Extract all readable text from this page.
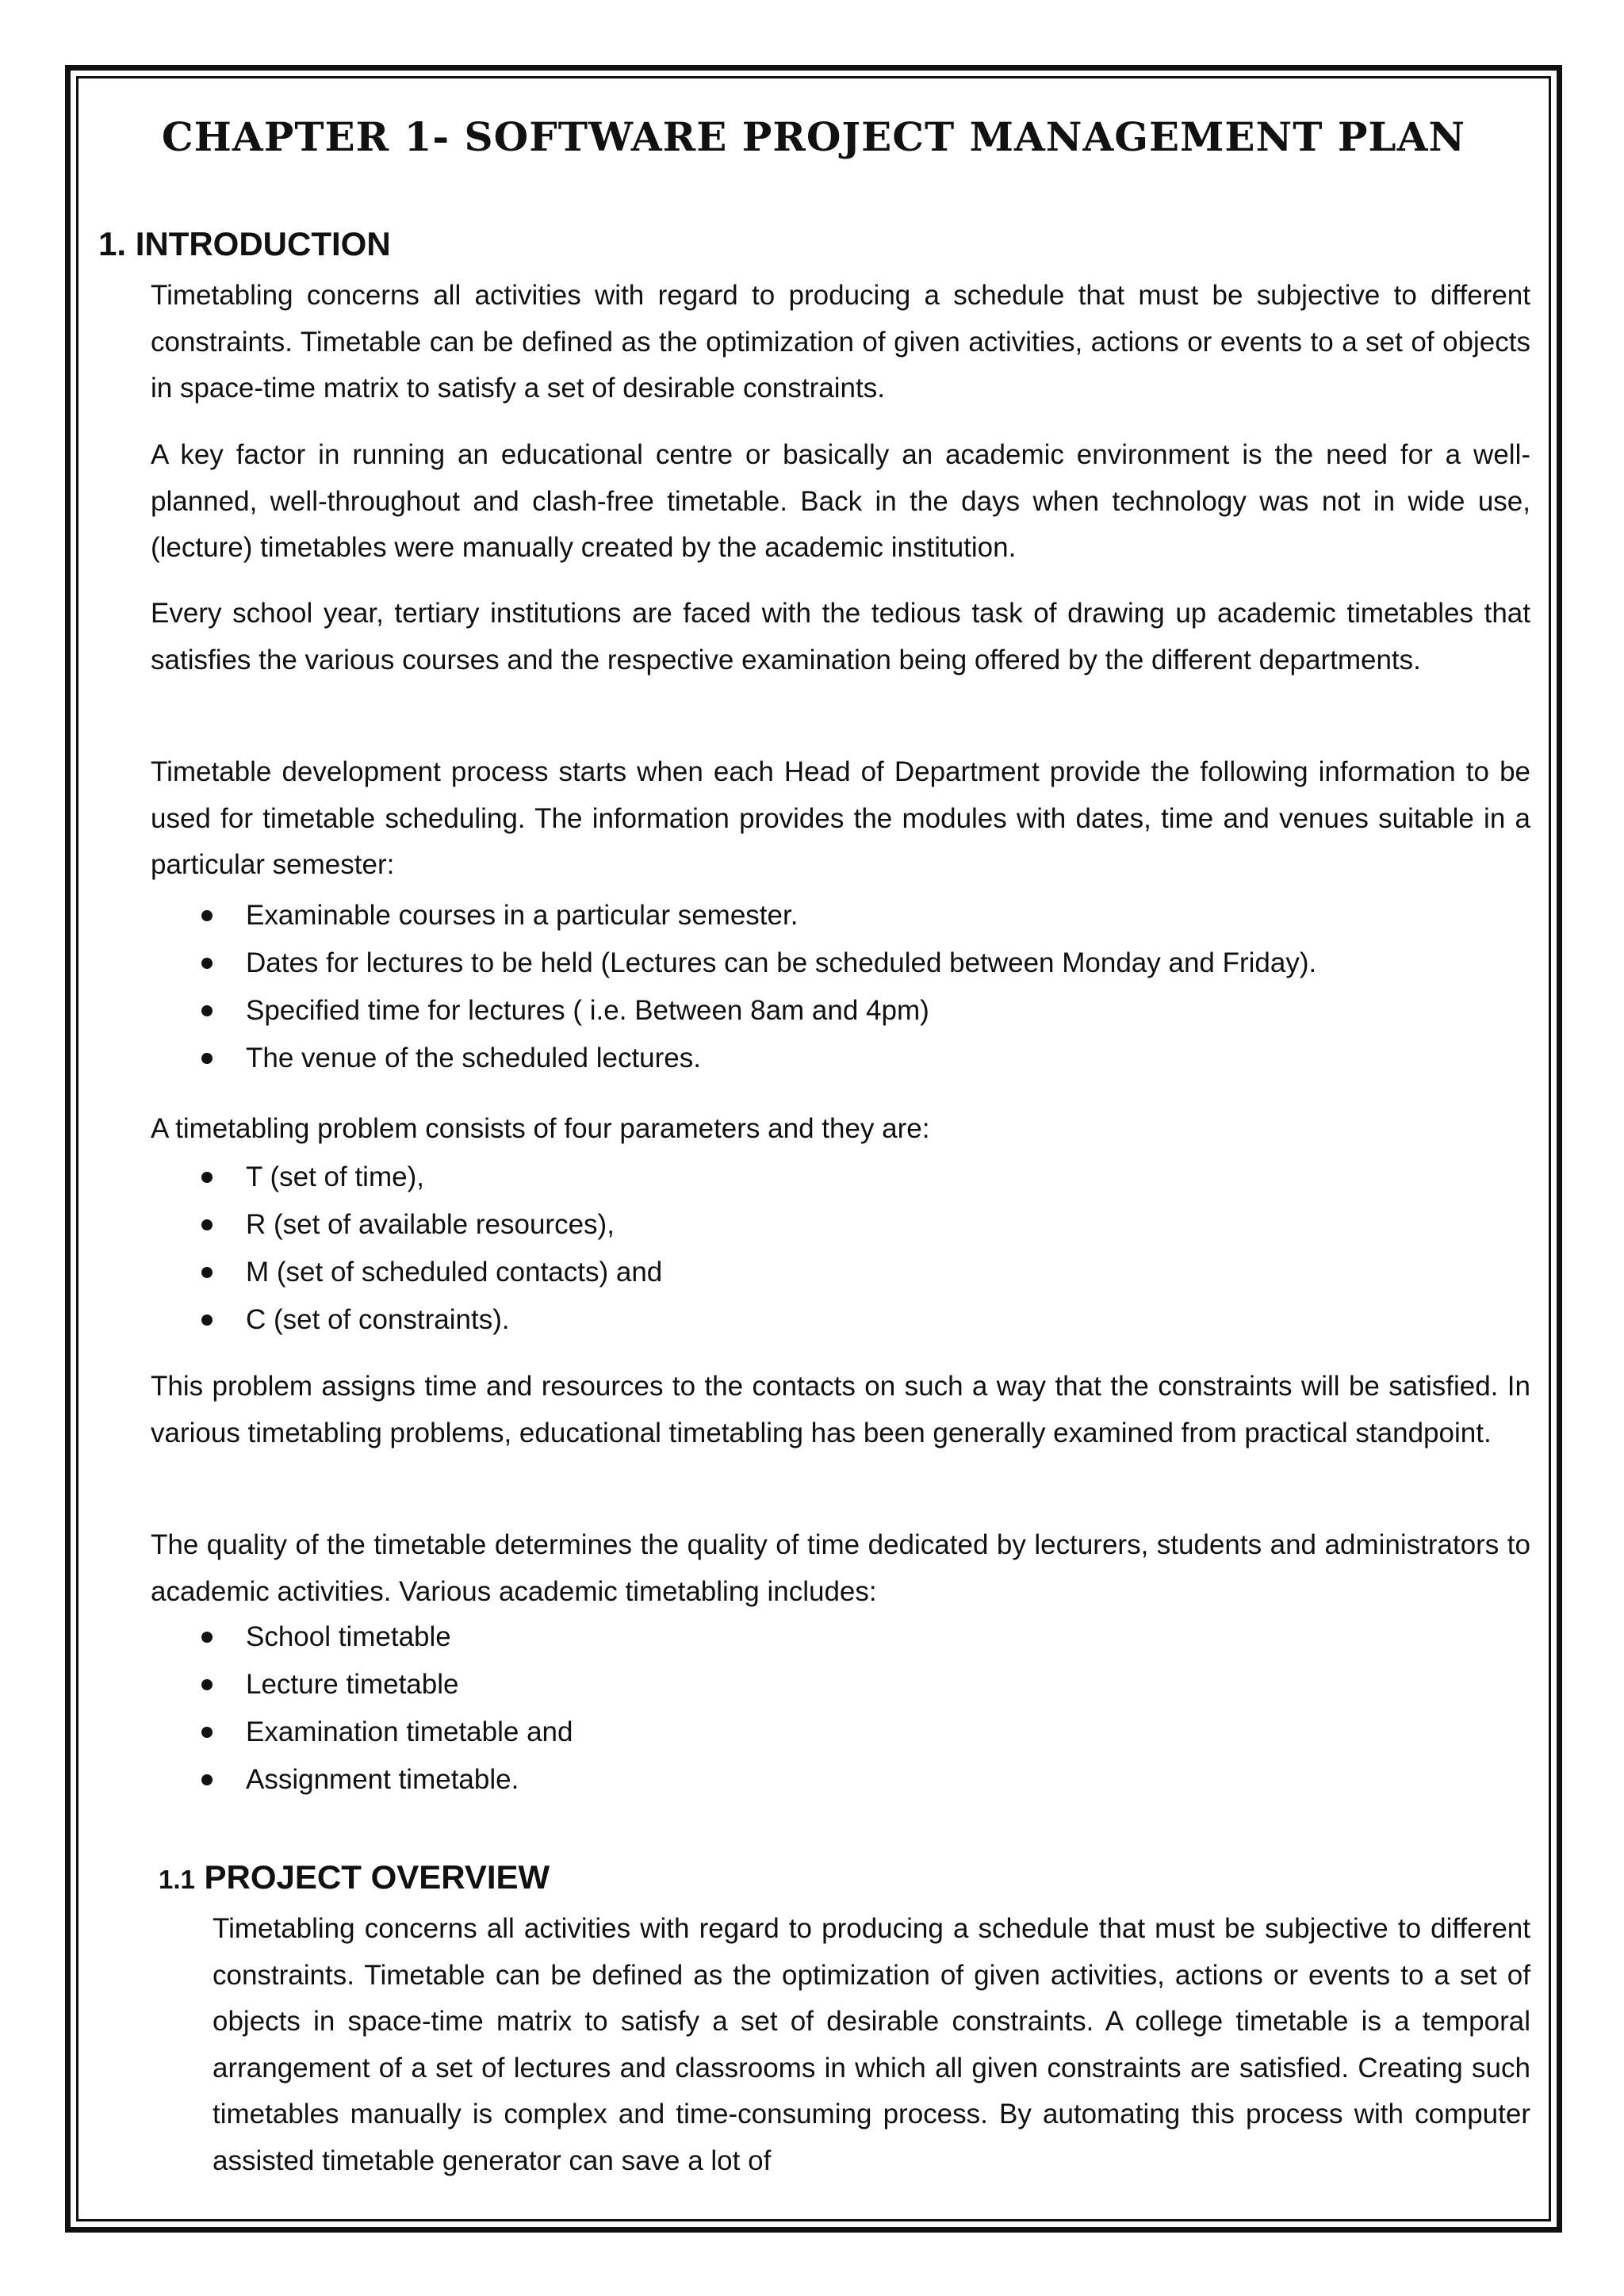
CHAPTER 1- SOFTWARE PROJECT MANAGEMENT PLAN
1. INTRODUCTION

Timetabling concerns all activities with regard to producing a schedule that must be subjective to different constraints. Timetable can be defined as the optimization of given activities, actions or events to a set of objects in space-time matrix to satisfy a set of desirable constraints.

A key factor in running an educational centre or basically an academic environment is the need for a well-planned, well-throughout and clash-free timetable. Back in the days when technology was not in wide use, (lecture) timetables were manually created by the academic institution.

Every school year, tertiary institutions are faced with the tedious task of drawing up academic timetables that satisfies the various courses and the respective examination being offered by the different departments.

Timetable development process starts when each Head of Department provide the following information to be used for timetable scheduling. The information provides the modules with dates, time and venues suitable in a particular semester:

Examinable courses in a particular semester.
Dates for lectures to be held (Lectures can be scheduled between Monday and Friday).
Specified time for lectures ( i.e. Between 8am and 4pm)
The venue of the scheduled lectures.

A timetabling problem consists of four parameters and they are:

T (set of time),
R (set of available resources),
M (set of scheduled contacts) and
C (set of constraints).

This problem assigns time and resources to the contacts on such a way that the constraints will be satisfied. In various timetabling problems, educational timetabling has been generally examined from practical standpoint.

The quality of the timetable determines the quality of time dedicated by lecturers, students and administrators to academic activities. Various academic timetabling includes:

School timetable
Lecture timetable
Examination timetable and
Assignment timetable.
1.1 PROJECT OVERVIEW

Timetabling concerns all activities with regard to producing a schedule that must be subjective to different constraints. Timetable can be defined as the optimization of given activities, actions or events to a set of objects in space-time matrix to satisfy a set of desirable constraints. A college timetable is a temporal arrangement of a set of lectures and classrooms in which all given constraints are satisfied. Creating such timetables manually is complex and time-consuming process. By automating this process with computer assisted timetable generator can save a lot of
